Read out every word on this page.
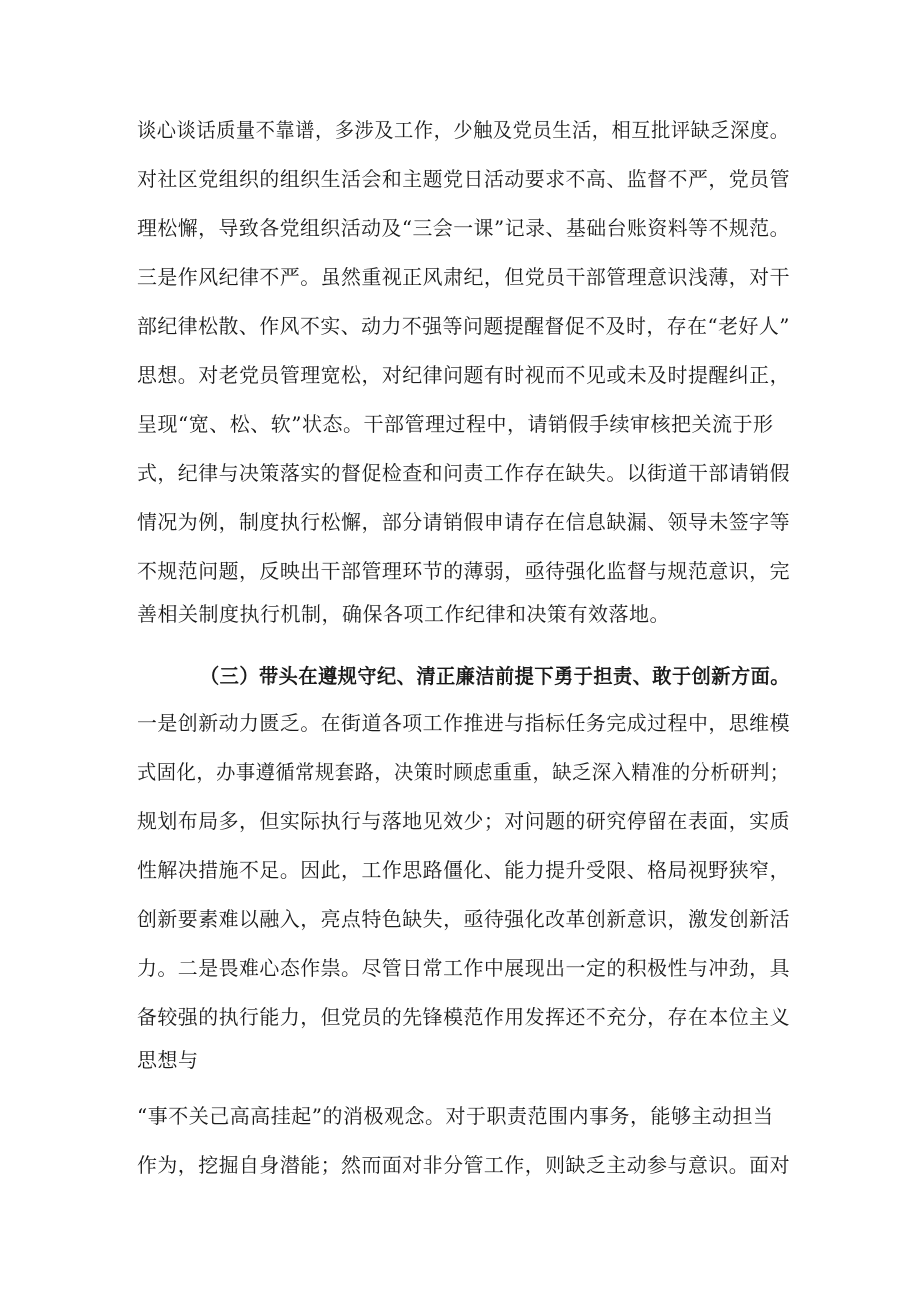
谈心谈话质量不靠谱，多涉及工作，少触及党员生活，相互批评缺乏深度。
对社区党组织的组织生活会和主题党日活动要求不高、监督不严，党员管
理松懈，导致各党组织活动及“三会一课”记录、基础台账资料等不规范。
三是作风纪律不严。虽然重视正风肃纪，但党员干部管理意识浅薄，对干
部纪律松散、作风不实、动力不强等问题提醒督促不及时，存在“老好人”
思想。对老党员管理宽松，对纪律问题有时视而不见或未及时提醒纠正，
呈现“宽、松、软”状态。干部管理过程中，请销假手续审核把关流于形
式，纪律与决策落实的督促检查和问责工作存在缺失。以街道干部请销假
情况为例，制度执行松懈，部分请销假申请存在信息缺漏、领导未签字等
不规范问题，反映出干部管理环节的薄弱，亟待强化监督与规范意识，完
善相关制度执行机制，确保各项工作纪律和决策有效落地。
（三）带头在遵规守纪、清正廉洁前提下勇于担责、敢于创新方面。
一是创新动力匮乏。在街道各项工作推进与指标任务完成过程中，思维模
式固化，办事遵循常规套路，决策时顾虑重重，缺乏深入精准的分析研判；
规划布局多，但实际执行与落地见效少；对问题的研究停留在表面，实质
性解决措施不足。因此，工作思路僵化、能力提升受限、格局视野狭窄，
创新要素难以融入，亮点特色缺失，亟待强化改革创新意识，激发创新活
力。二是畏难心态作祟。尽管日常工作中展现出一定的积极性与冲劲，具
备较强的执行能力，但党员的先锋模范作用发挥还不充分，存在本位主义
思想与
“事不关己高高挂起”的消极观念。对于职责范围内事务，能够主动担当
作为，挖掘自身潜能；然而面对非分管工作，则缺乏主动参与意识。面对
